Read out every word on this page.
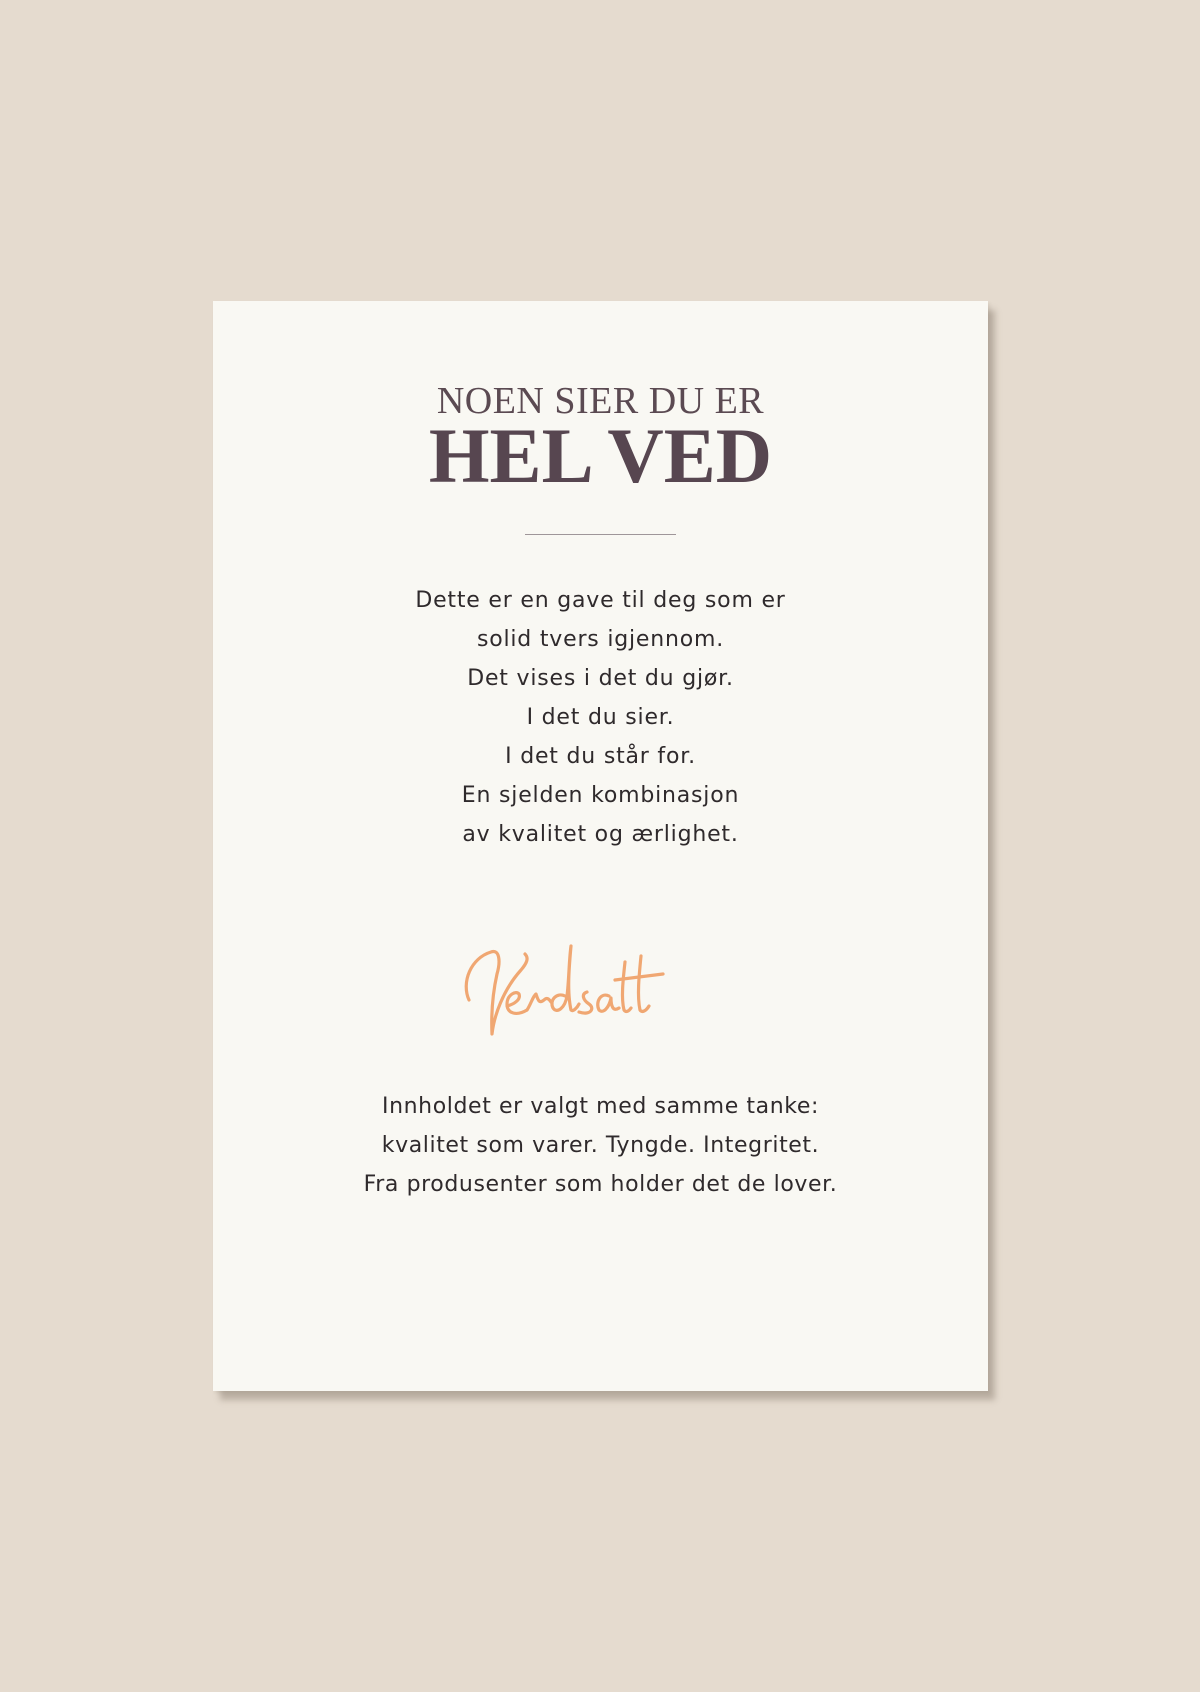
NOEN SIER DU ER
HEL VED
Dette er en gave til deg som er
solid tvers igjennom.
Det vises i det du gjør.
I det du sier.
I det du står for.
En sjelden kombinasjon
av kvalitet og ærlighet.
Innholdet er valgt med samme tanke:
kvalitet som varer. Tyngde. Integritet.
Fra produsenter som holder det de lover.
